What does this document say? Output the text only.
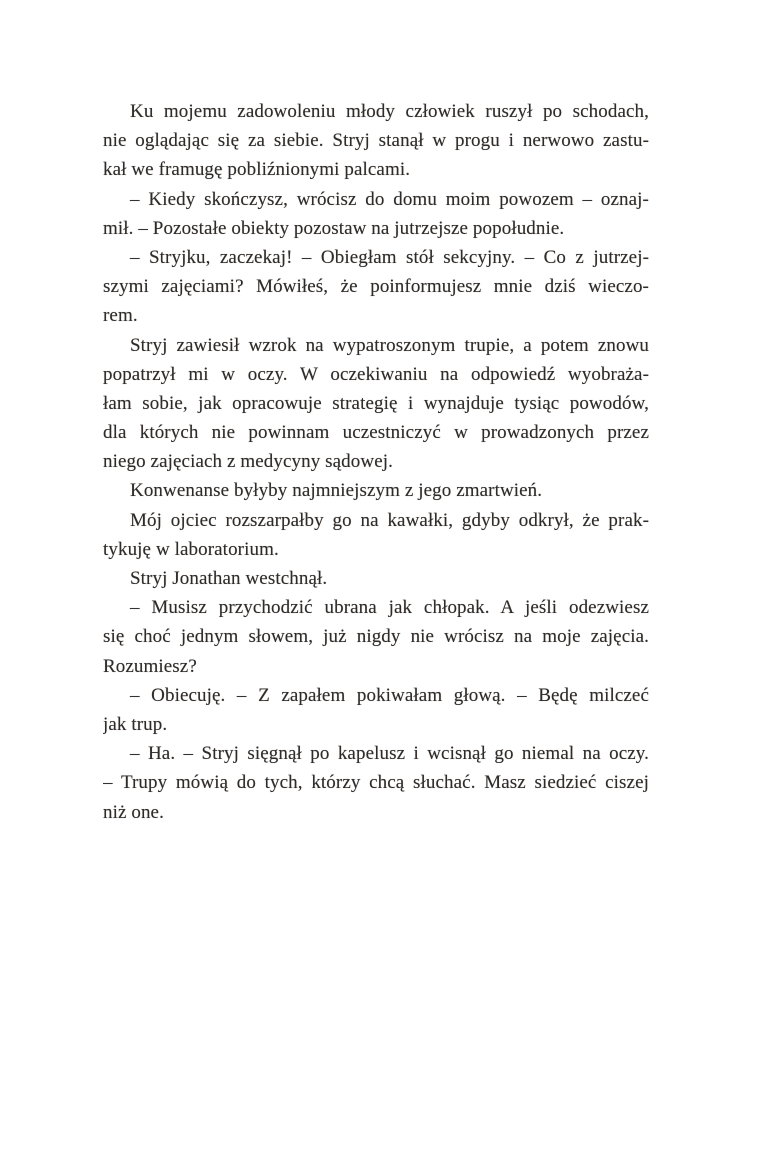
Ku mojemu zadowoleniu młody człowiek ruszył po schodach,
nie oglądając się za siebie. Stryj stanął w progu i nerwowo zastu-
kał we framugę pobliźnionymi palcami.
– Kiedy skończysz, wrócisz do domu moim powozem – oznaj-
mił. – Pozostałe obiekty pozostaw na jutrzejsze popołudnie.
– Stryjku, zaczekaj! – Obiegłam stół sekcyjny. – Co z jutrzej-
szymi zajęciami? Mówiłeś, że poinformujesz mnie dziś wieczo-
rem.
Stryj zawiesił wzrok na wypatroszonym trupie, a potem znowu
popatrzył mi w oczy. W oczekiwaniu na odpowiedź wyobraża-
łam sobie, jak opracowuje strategię i wynajduje tysiąc powodów,
dla których nie powinnam uczestniczyć w prowadzonych przez
niego zajęciach z medycyny sądowej.
Konwenanse byłyby najmniejszym z jego zmartwień.
Mój ojciec rozszarpałby go na kawałki, gdyby odkrył, że prak-
tykuję w laboratorium.
Stryj Jonathan westchnął.
– Musisz przychodzić ubrana jak chłopak. A jeśli odezwiesz
się choć jednym słowem, już nigdy nie wrócisz na moje zajęcia.
Rozumiesz?
– Obiecuję. – Z zapałem pokiwałam głową. – Będę milczeć
jak trup.
– Ha. – Stryj sięgnął po kapelusz i wcisnął go niemal na oczy.
– Trupy mówią do tych, którzy chcą słuchać. Masz siedzieć ciszej
niż one.
